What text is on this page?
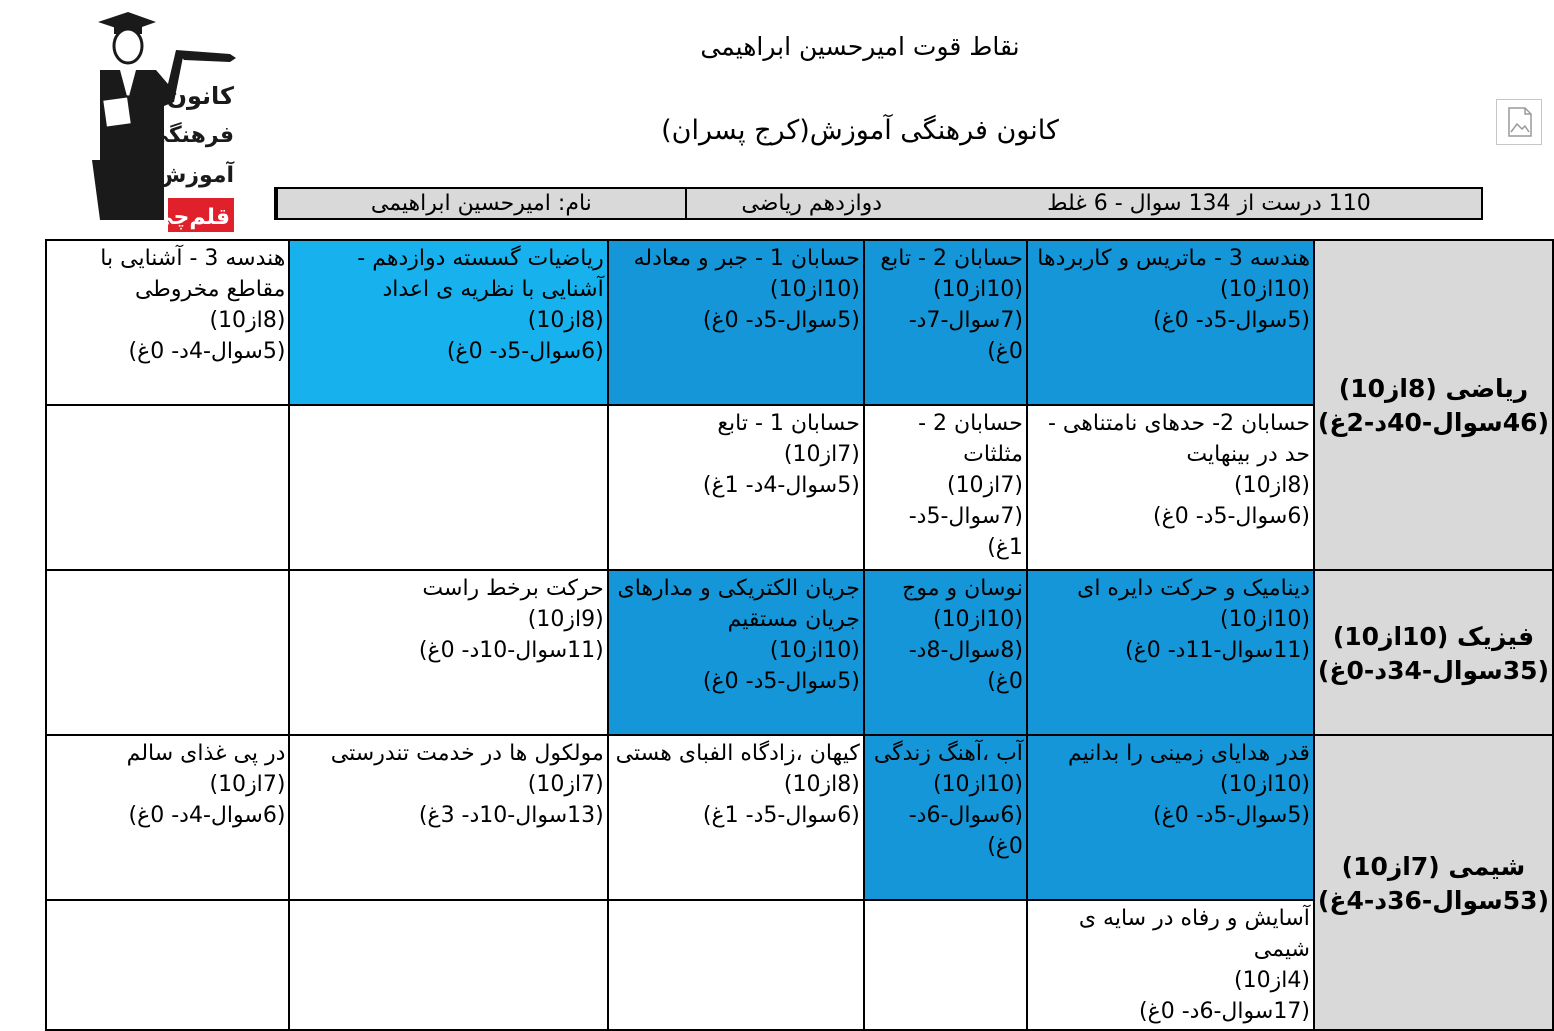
نقاط قوت امیرحسین ابراهیمی
کانون فرهنگی آموزش(کرج پسران)
کانون
فرهنگی
آموزش
قلم‌چی
نام: امیرحسین ابراهیمی	دوازدهم ریاضی	110 درست از 134 سوال - 6 غلط
ریاضی (8از10)
(46سوال-40د-2غ)	هندسه 3 - ماتریس و کاربردها
(10از10)
(5سوال-5د- 0غ)	حسابان 2 - تابع
(10از10)
(7سوال-7د- 0غ)	حسابان 1 - جبر و معادله
(10از10)
(5سوال-5د- 0غ)	ریاضیات گسسته دوازدهم - آشنایی با نظریه ی اعداد
(8از10)
(6سوال-5د- 0غ)	هندسه 3 - آشنایی با مقاطع مخروطی
(8از10)
(5سوال-4د- 0غ)

	حسابان 2- حدهای نامتناهی - حد در بینهایت
(8از10)
(6سوال-5د- 0غ)	حسابان 2 - مثلثات
(7از10)
(7سوال-5د- 1غ)	حسابان 1 - تابع
(7از10)
(5سوال-4د- 1غ)		

فیزیک (10از10)
(35سوال-34د-0غ)	دینامیک و حرکت دایره ای
(10از10)
(11سوال-11د- 0غ)	نوسان و موج
(10از10)
(8سوال-8د- 0غ)	جریان الکتریکی و مدارهای جریان مستقیم
(10از10)
(5سوال-5د- 0غ)	حرکت برخط راست
(9از10)
(11سوال-10د- 0غ)	

شیمی (7از10)
(53سوال-36د-4غ)	قدر هدایای زمینی را بدانیم
(10از10)
(5سوال-5د- 0غ)	آب ،آهنگ زندگی
(10از10)
(6سوال-6د- 0غ)	کیهان ،زادگاه الفبای هستی
(8از10)
(6سوال-5د- 1غ)	مولکول ها در خدمت تندرستی
(7از10)
(13سوال-10د- 3غ)	در پی غذای سالم
(7از10)
(6سوال-4د- 0غ)

	آسایش و رفاه در سایه ی شیمی
(4از10)
(17سوال-6د- 0غ)				
